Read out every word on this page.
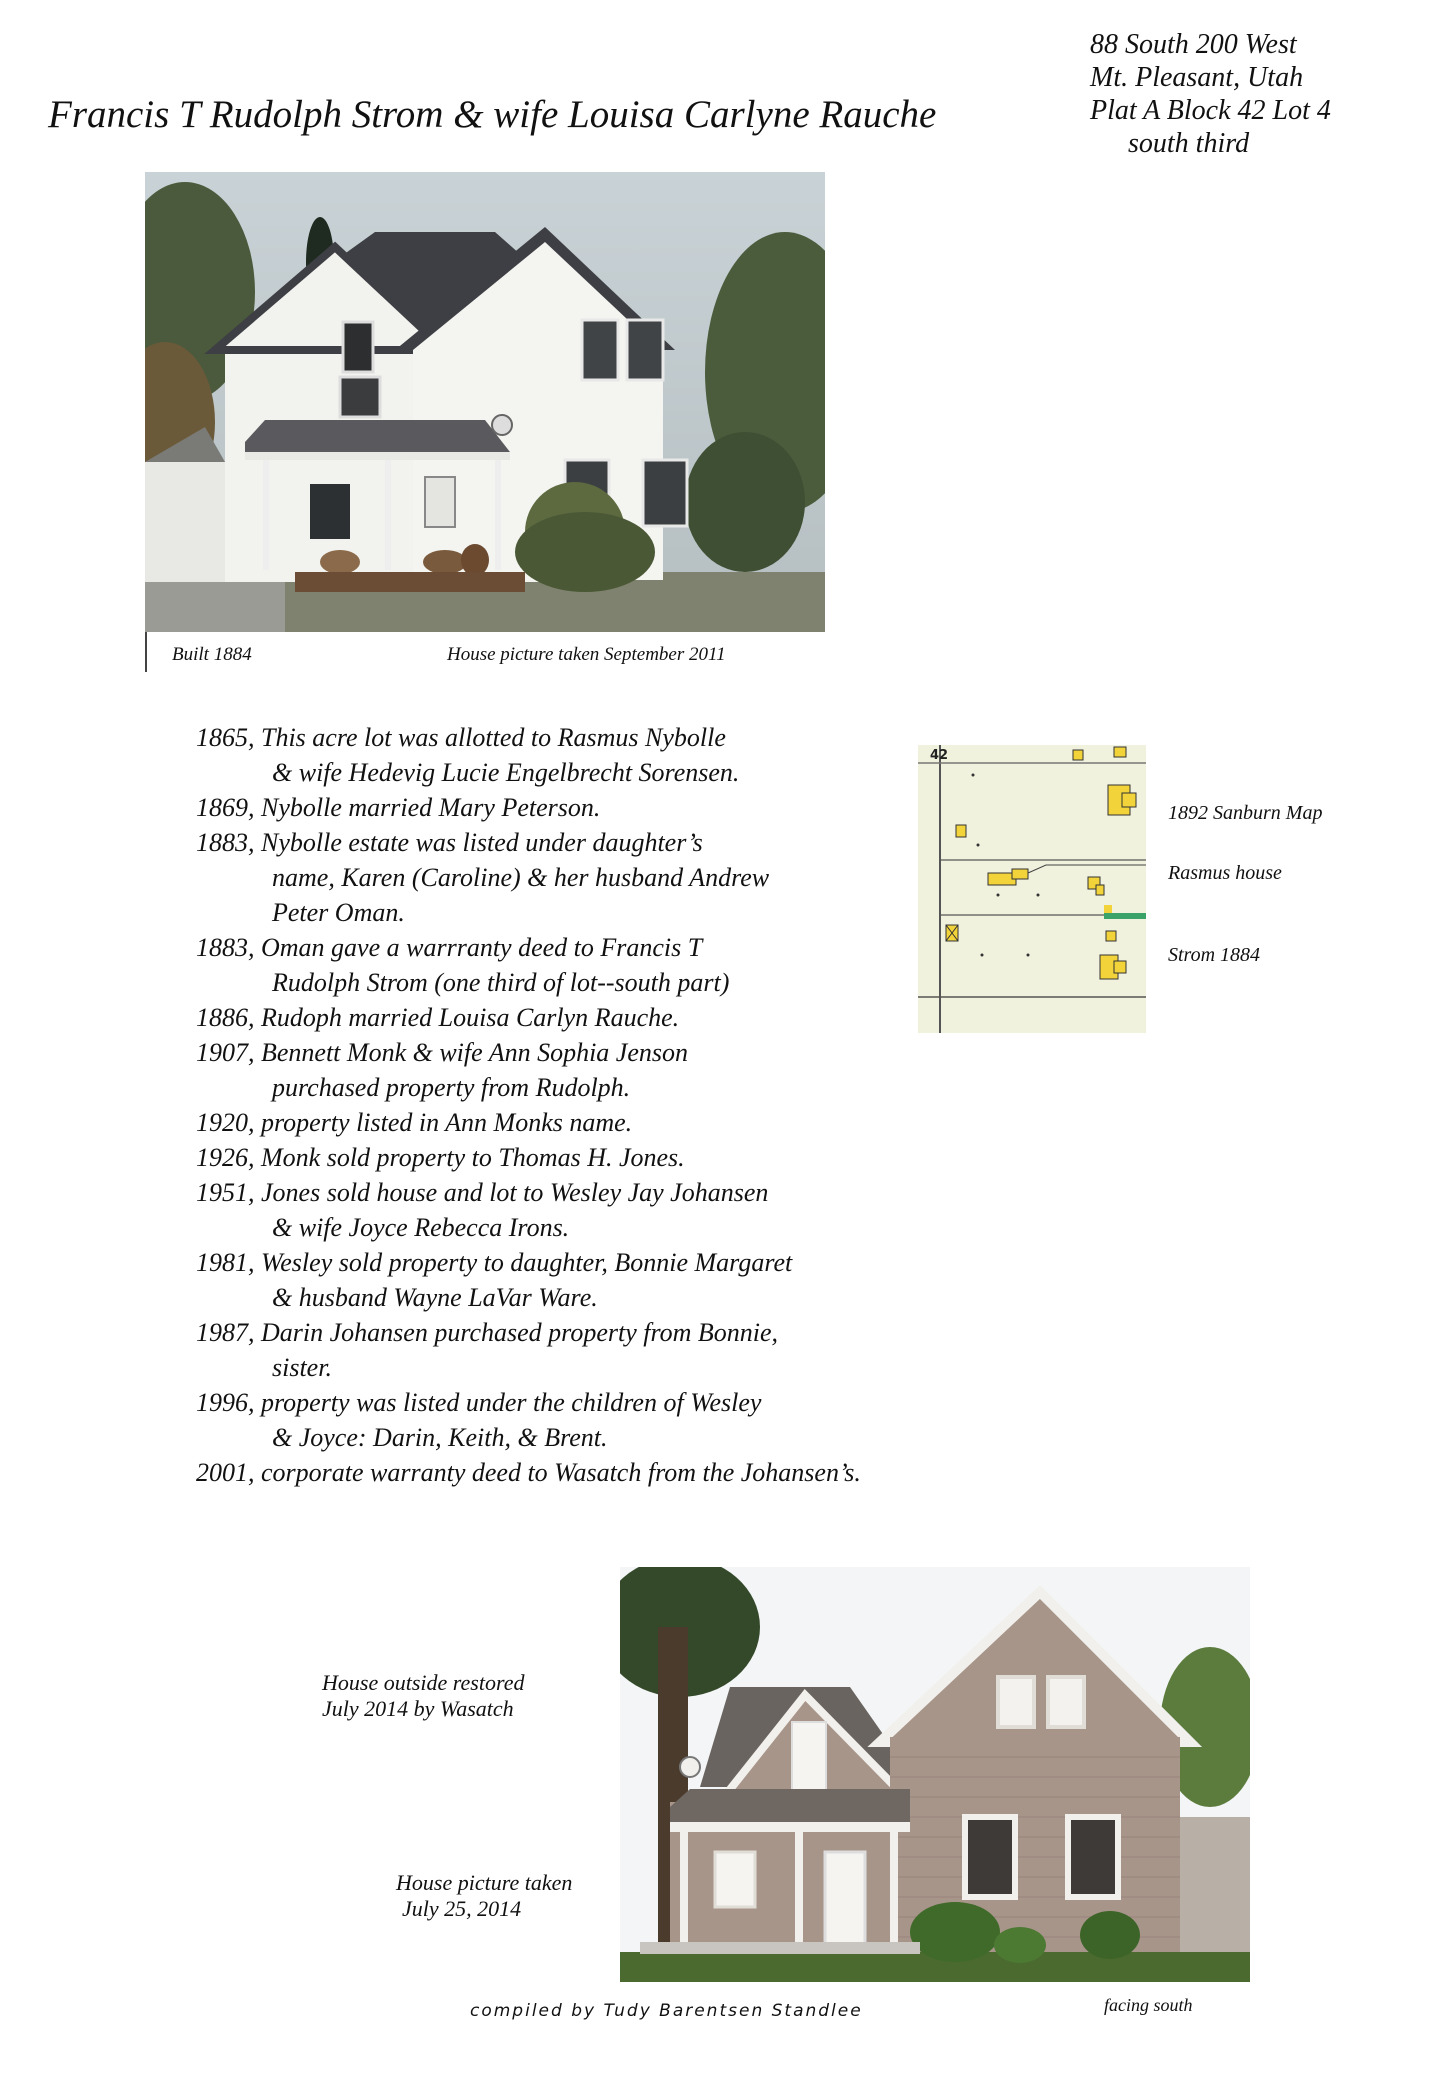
Francis T Rudolph Strom & wife Louisa Carlyne Rauche
88 South 200 West
Mt. Pleasant, Utah
Plat A Block 42 Lot 4
south third
Built 1884	House picture taken September 2011
1865, This acre lot was allotted to Rasmus Nybolle
& wife Hedevig Lucie Engelbrecht Sorensen.
1869, Nybolle married Mary Peterson.
1883, Nybolle estate was listed under daughter’s
name, Karen (Caroline) & her husband Andrew
Peter Oman.
1883, Oman gave a warrranty deed to Francis T
Rudolph Strom (one third of lot--south part)
1886, Rudoph married Louisa Carlyn Rauche.
1907, Bennett Monk & wife Ann Sophia Jenson
purchased property from Rudolph.
1920, property listed in Ann Monks name.
1926, Monk sold property to Thomas H. Jones.
1951, Jones sold house and lot to Wesley Jay Johansen
& wife Joyce Rebecca Irons.
1981, Wesley sold property to daughter, Bonnie Margaret
& husband Wayne LaVar Ware.
1987, Darin Johansen purchased property from Bonnie,
sister.
1996, property was listed under the children of Wesley
& Joyce: Darin, Keith, & Brent.
2001, corporate warranty deed to Wasatch from the Johansen’s.
42
1892 Sanburn Map
Rasmus house
Strom 1884
House outside restored
July 2014 by Wasatch
House picture taken
July 25, 2014
compiled by Tudy Barentsen Standlee	facing south
